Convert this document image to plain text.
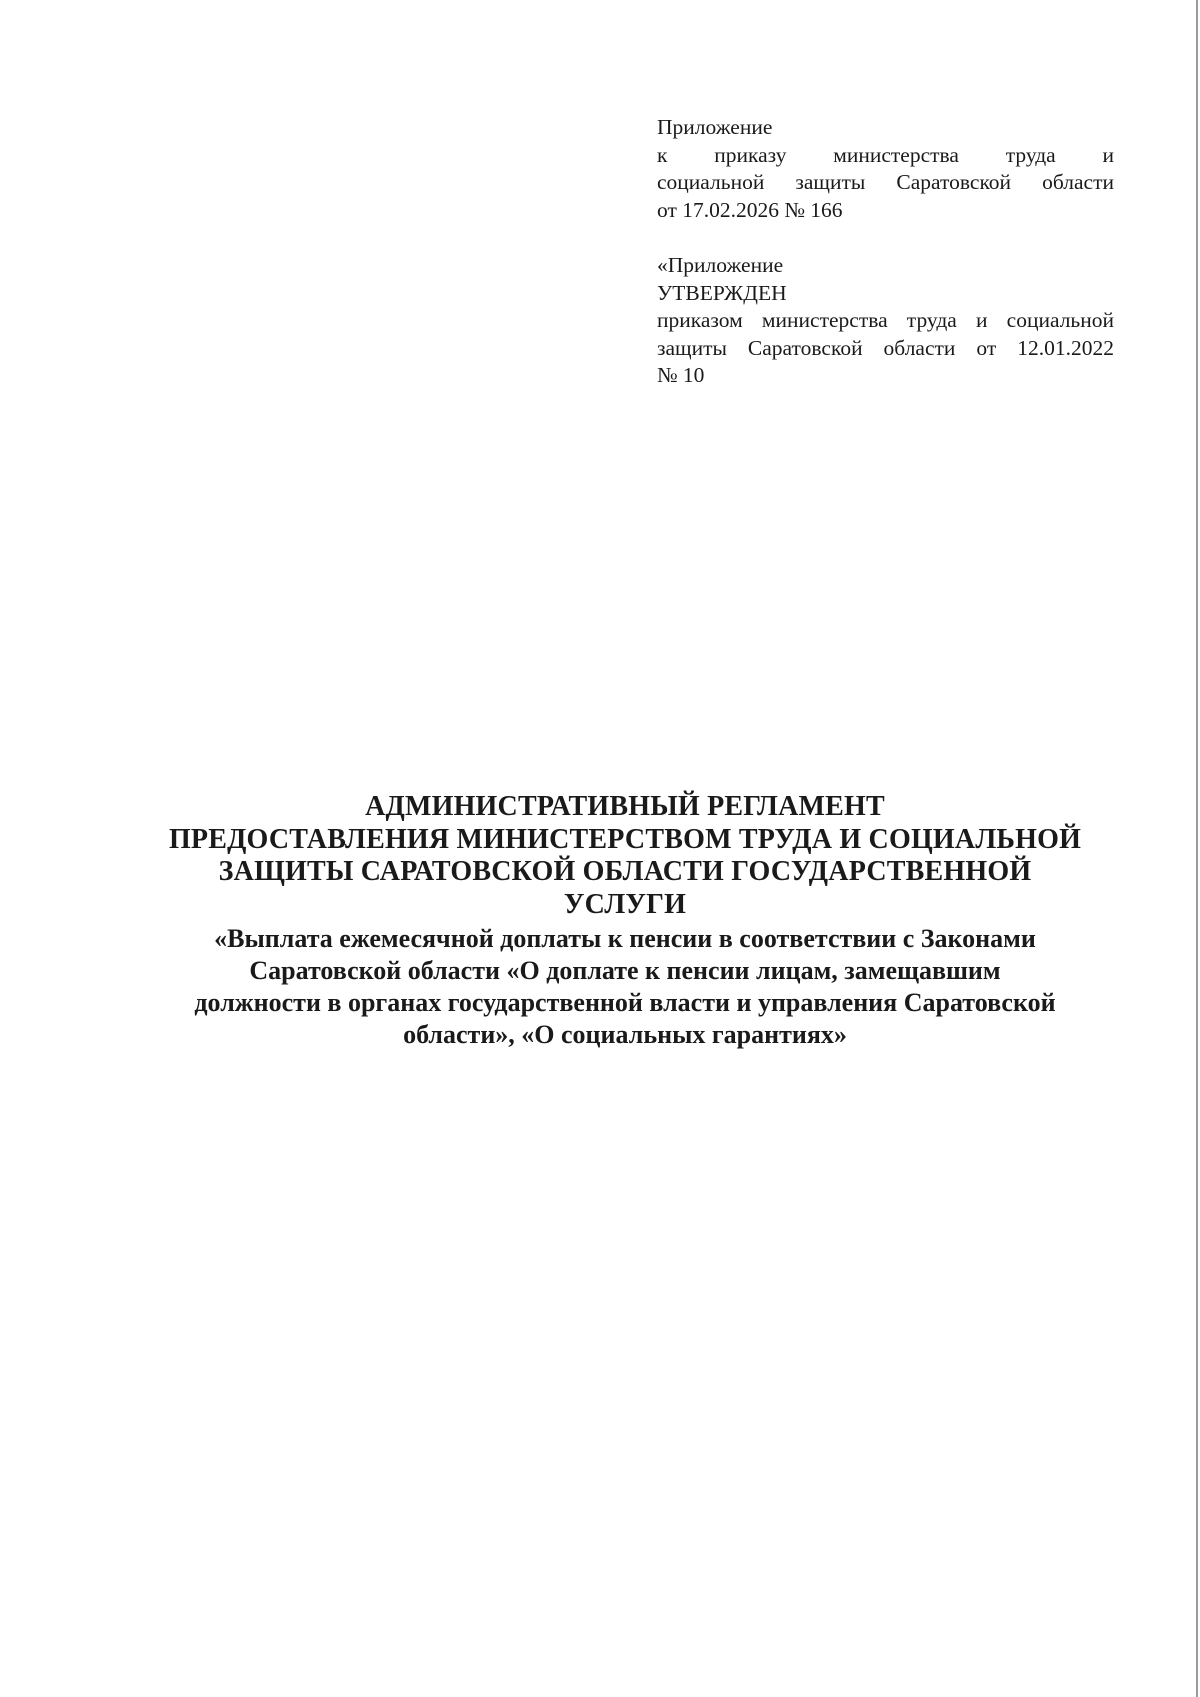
Приложение
к приказу министерства труда и
социальной защиты Саратовской области
от 17.02.2026 № 166
«Приложение
УТВЕРЖДЕН
приказом министерства труда и социальной
защиты Саратовской области от 12.01.2022
№ 10
АДМИНИСТРАТИВНЫЙ РЕГЛАМЕНТ
ПРЕДОСТАВЛЕНИЯ МИНИСТЕРСТВОМ ТРУДА И СОЦИАЛЬНОЙ
ЗАЩИТЫ САРАТОВСКОЙ ОБЛАСТИ ГОСУДАРСТВЕННОЙ
УСЛУГИ
«Выплата ежемесячной доплаты к пенсии в соответствии с Законами
Саратовской области «О доплате к пенсии лицам, замещавшим
должности в органах государственной власти и управления Саратовской
области», «О социальных гарантиях»
